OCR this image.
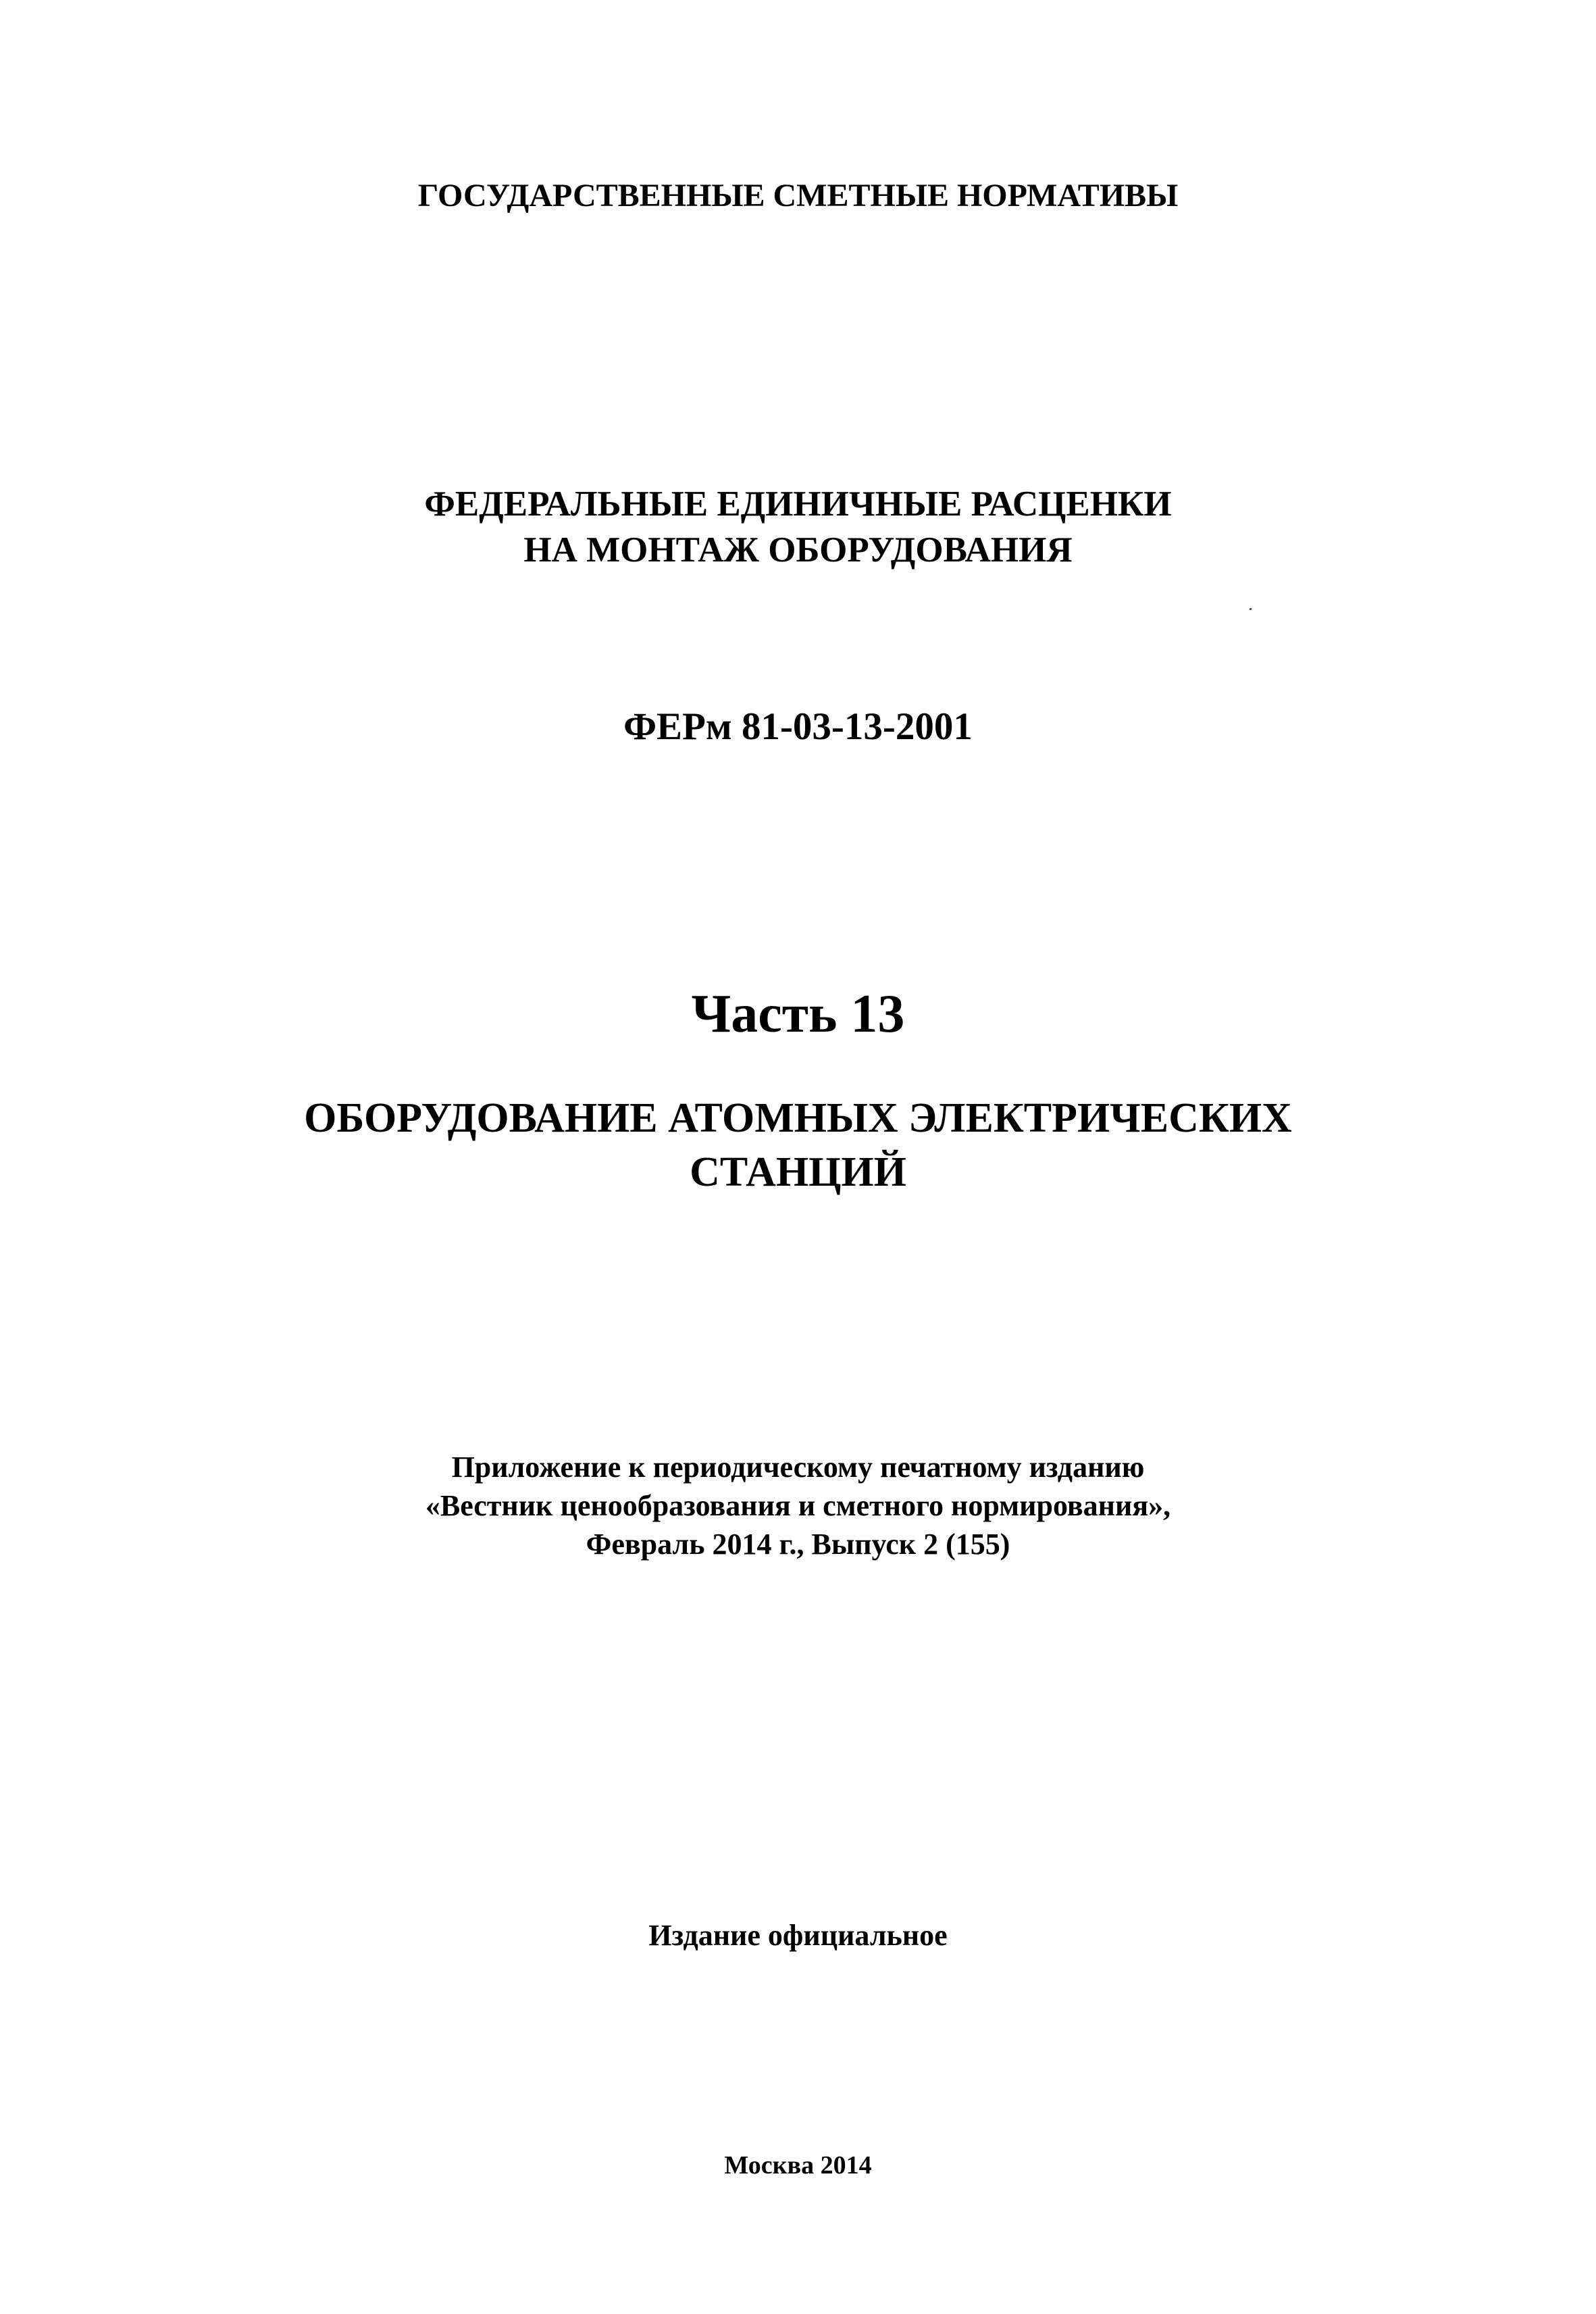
ГОСУДАРСТВЕННЫЕ СМЕТНЫЕ НОРМАТИВЫ

ФЕДЕРАЛЬНЫЕ ЕДИНИЧНЫЕ РАСЦЕНКИ
НА МОНТАЖ ОБОРУДОВАНИЯ

ФЕРм 81-03-13-2001

Часть 13

ОБОРУДОВАНИЕ АТОМНЫХ ЭЛЕКТРИЧЕСКИХ
СТАНЦИЙ
Приложение к периодическому печатному изданию
«Вестник ценообразования и сметного нормирования»,
Февраль 2014 г., Выпуск 2 (155)

Издание официальное

Москва 2014
